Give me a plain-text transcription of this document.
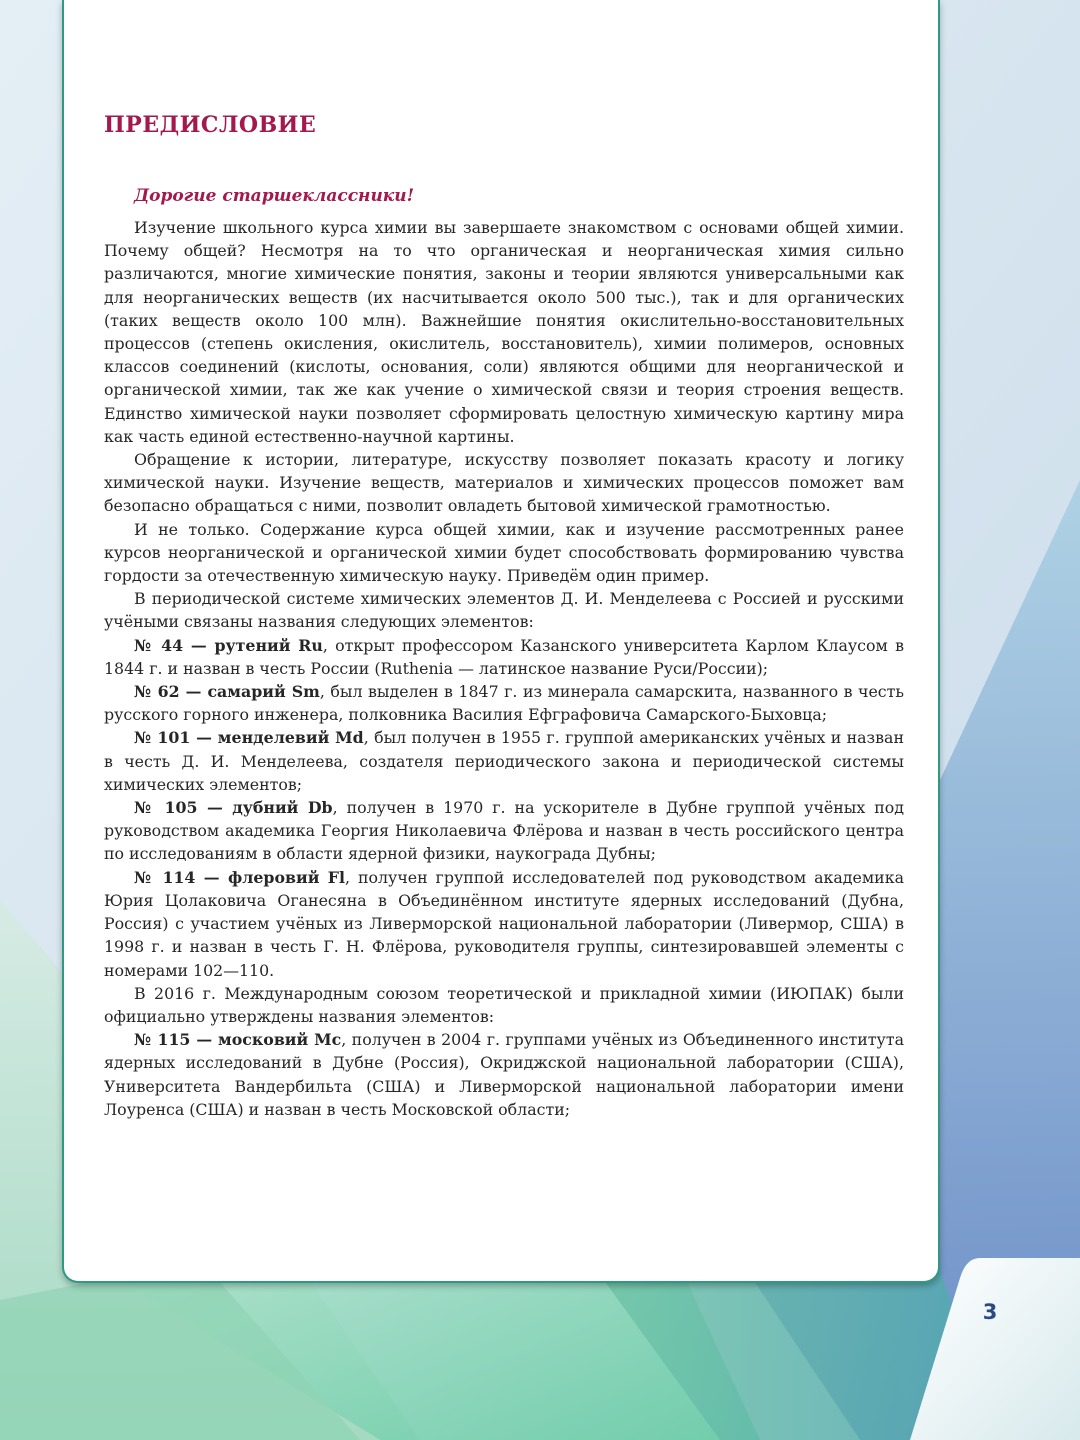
ПРЕДИСЛОВИЕ
Дорогие старшеклассники!

Изучение школьного курса химии вы завершаете знакомством с основами общей химии. Почему общей? Несмотря на то что органическая и неорганическая химия сильно различаются, многие химические понятия, законы и теории являются универсальными как для неорганических веществ (их насчитывается около 500 тыс.), так и для органических (таких веществ около 100 млн). Важнейшие понятия окислительно-восстановительных процессов (степень окисления, окислитель, восстановитель), химии полимеров, основных классов соединений (кислоты, основания, соли) являются общими для неорганической и органической химии, так же как учение о химической связи и теория строения веществ. Единство химической науки позволяет сформировать целостную химическую картину мира как часть единой естественно-научной картины.

Обращение к истории, литературе, искусству позволяет показать красоту и логику химической науки. Изучение веществ, материалов и химических процессов поможет вам безопасно обращаться с ними, позволит овладеть бытовой химической грамотностью.

И не только. Содержание курса общей химии, как и изучение рассмотренных ранее курсов неорганической и органической химии будет способствовать формированию чувства гордости за отечественную химическую науку. Приведём один пример.

В периодической системе химических элементов Д. И. Менделеева с Россией и русскими учёными связаны названия следующих элементов:

№ 44 — рутений Ru, открыт профессором Казанского университета Карлом Клаусом в 1844 г. и назван в честь России (Ruthenia — латинское название Руси/России);

№ 62 — самарий Sm, был выделен в 1847 г. из минерала самарскита, названного в честь русского горного инженера, полковника Василия Ефграфовича Самарского-Быховца;

№ 101 — менделевий Md, был получен в 1955 г. группой американских учёных и назван в честь Д. И. Менделеева, создателя периодического закона и периодической системы химических элементов;

№ 105 — дубний Db, получен в 1970 г. на ускорителе в Дубне группой учёных под руководством академика Георгия Николаевича Флёрова и назван в честь российского центра по исследованиям в области ядерной физики, наукограда Дубны;

№ 114 — флеровий Fl, получен группой исследователей под руководством академика Юрия Цолаковича Оганесяна в Объединённом институте ядерных исследований (Дубна, Россия) с участием учёных из Ливерморской национальной лаборатории (Ливермор, США) в 1998 г. и назван в честь Г. Н. Флёрова, руководителя группы, синтезировавшей элементы с номерами 102—110.

В 2016 г. Международным союзом теоретической и прикладной химии (ИЮПАК) были официально утверждены названия элементов:

№ 115 — московий Mc, получен в 2004 г. группами учёных из Объединенного института ядерных исследований в Дубне (Россия), Окриджской национальной лаборатории (США), Университета Вандербильта (США) и Ливерморской национальной лаборатории имени Лоуренса (США) и назван в честь Московской области;

3
